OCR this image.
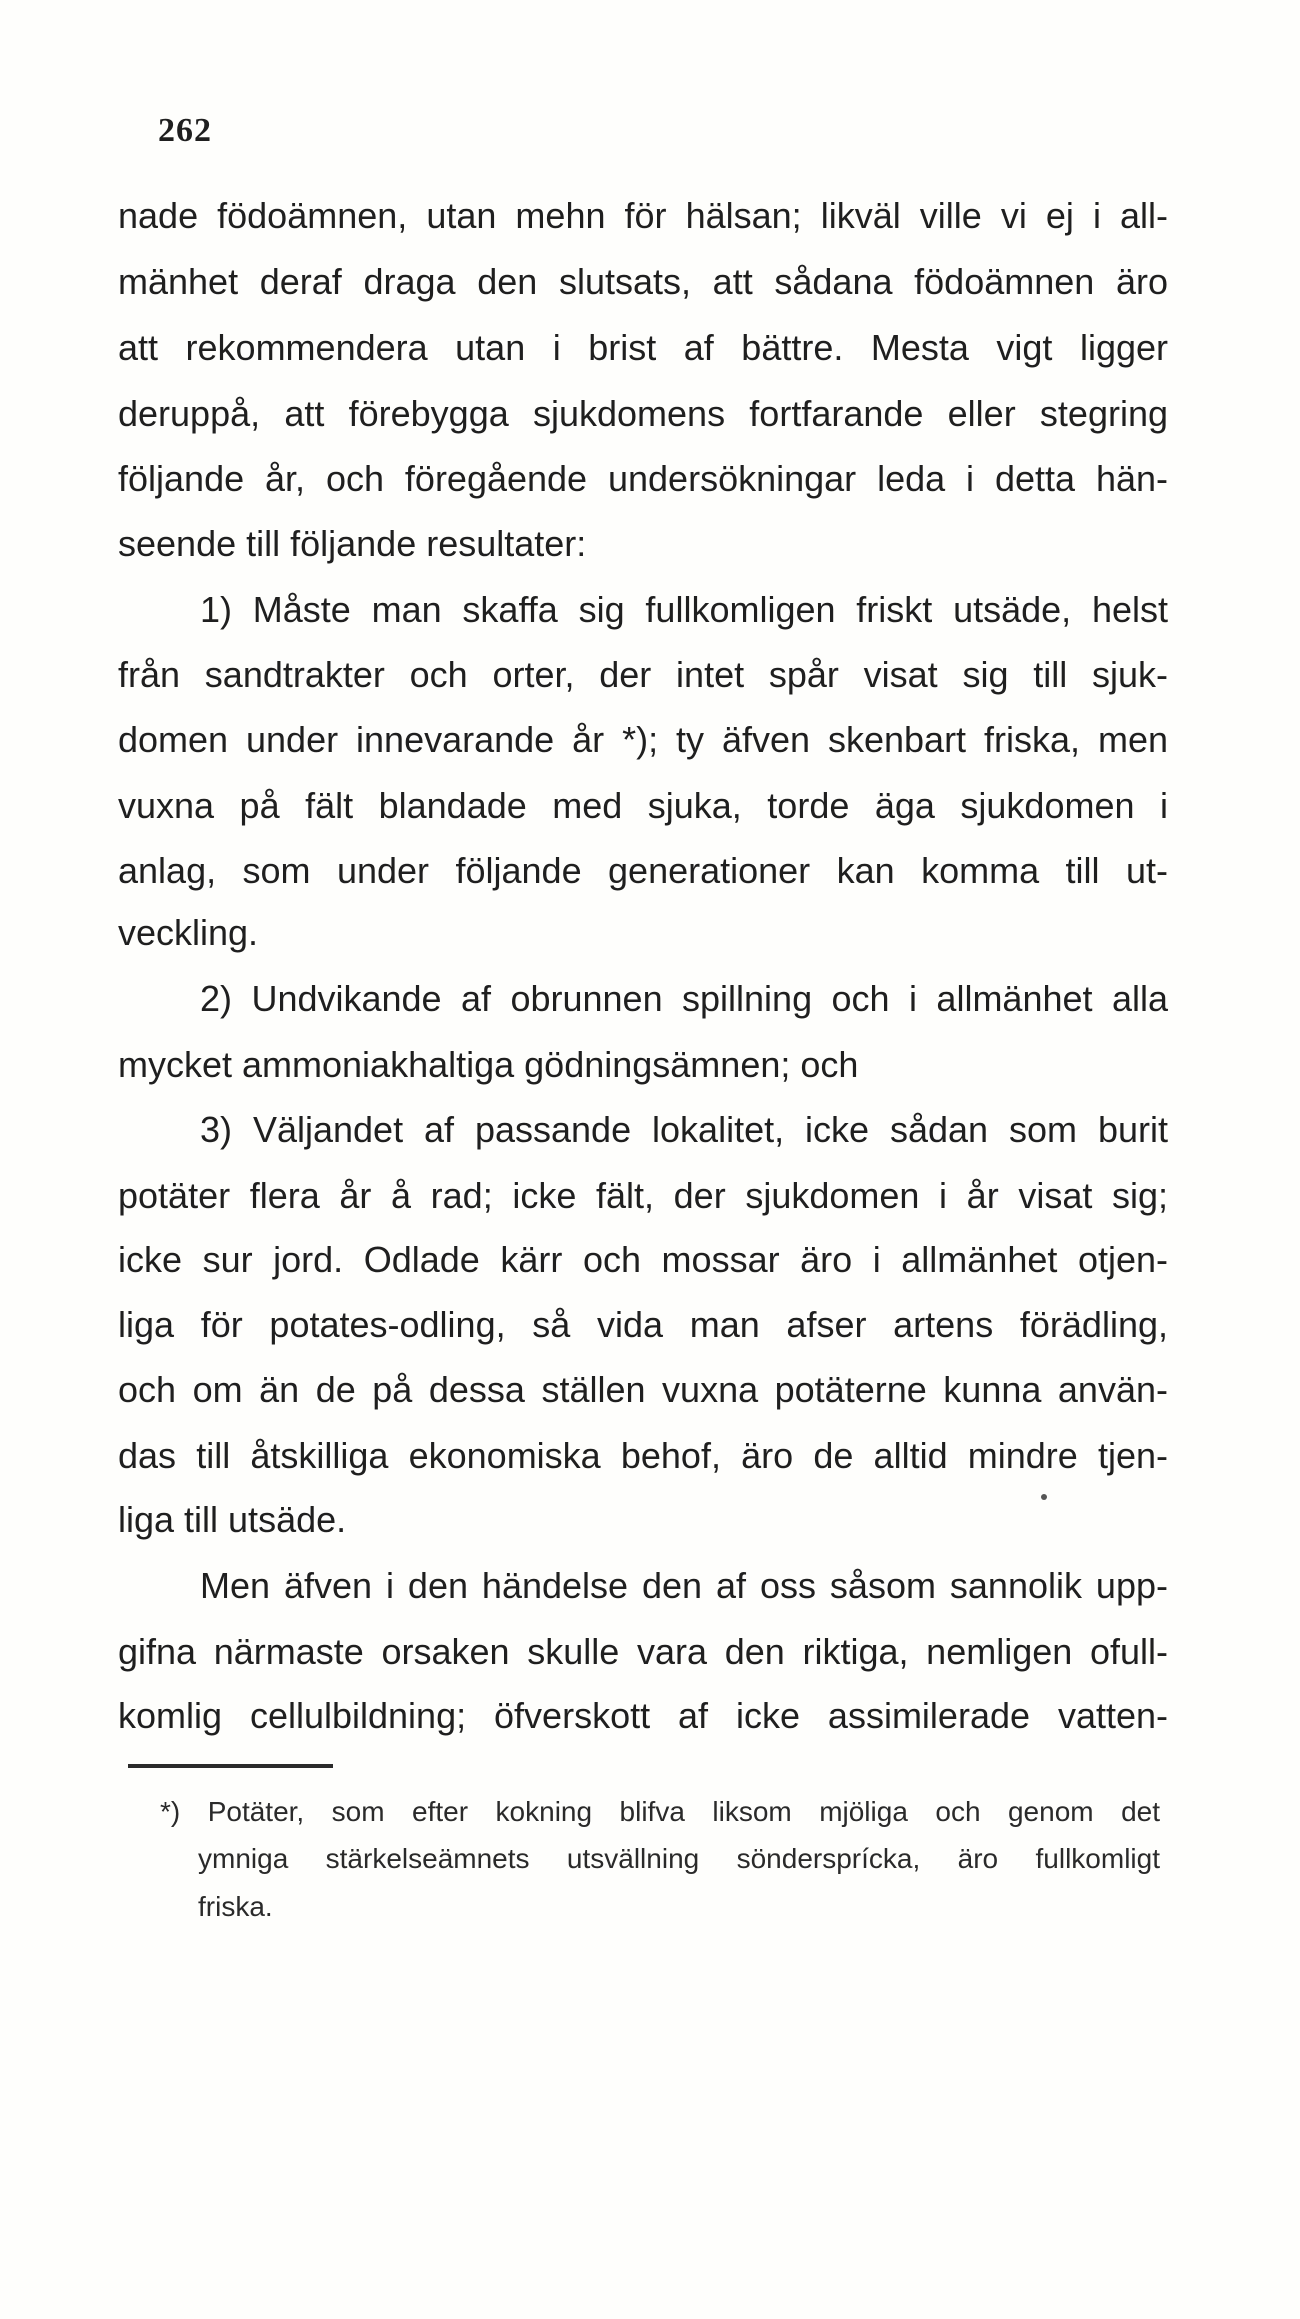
262
nade födoämnen, utan mehn för hälsan; likväl ville vi ej i all-
mänhet deraf draga den slutsats, att sådana födoämnen äro
att rekommendera utan i brist af bättre. Mesta vigt ligger
deruppå, att förebygga sjukdomens fortfarande eller stegring
följande år, och föregående undersökningar leda i detta hän-
seende till följande resultater:
1) Måste man skaffa sig fullkomligen friskt utsäde, helst
från sandtrakter och orter, der intet spår visat sig till sjuk-
domen under innevarande år *); ty äfven skenbart friska, men
vuxna på fält blandade med sjuka, torde äga sjukdomen i
anlag, som under följande generationer kan komma till ut-
veckling.
2) Undvikande af obrunnen spillning och i allmänhet alla
mycket ammoniakhaltiga gödningsämnen; och
3) Väljandet af passande lokalitet, icke sådan som burit
potäter flera år å rad; icke fält, der sjukdomen i år visat sig;
icke sur jord. Odlade kärr och mossar äro i allmänhet otjen-
liga för potates-odling, så vida man afser artens förädling,
och om än de på dessa ställen vuxna potäterne kunna använ-
das till åtskilliga ekonomiska behof, äro de alltid mindre tjen-
liga till utsäde.
Men äfven i den händelse den af oss såsom sannolik upp-
gifna närmaste orsaken skulle vara den riktiga, nemligen ofull-
komlig cellulbildning; öfverskott af icke assimilerade vatten-
*) Potäter, som efter kokning blifva liksom mjöliga och genom det
ymniga stärkelseämnets utsvällning söndersprícka, äro fullkomligt
friska.
